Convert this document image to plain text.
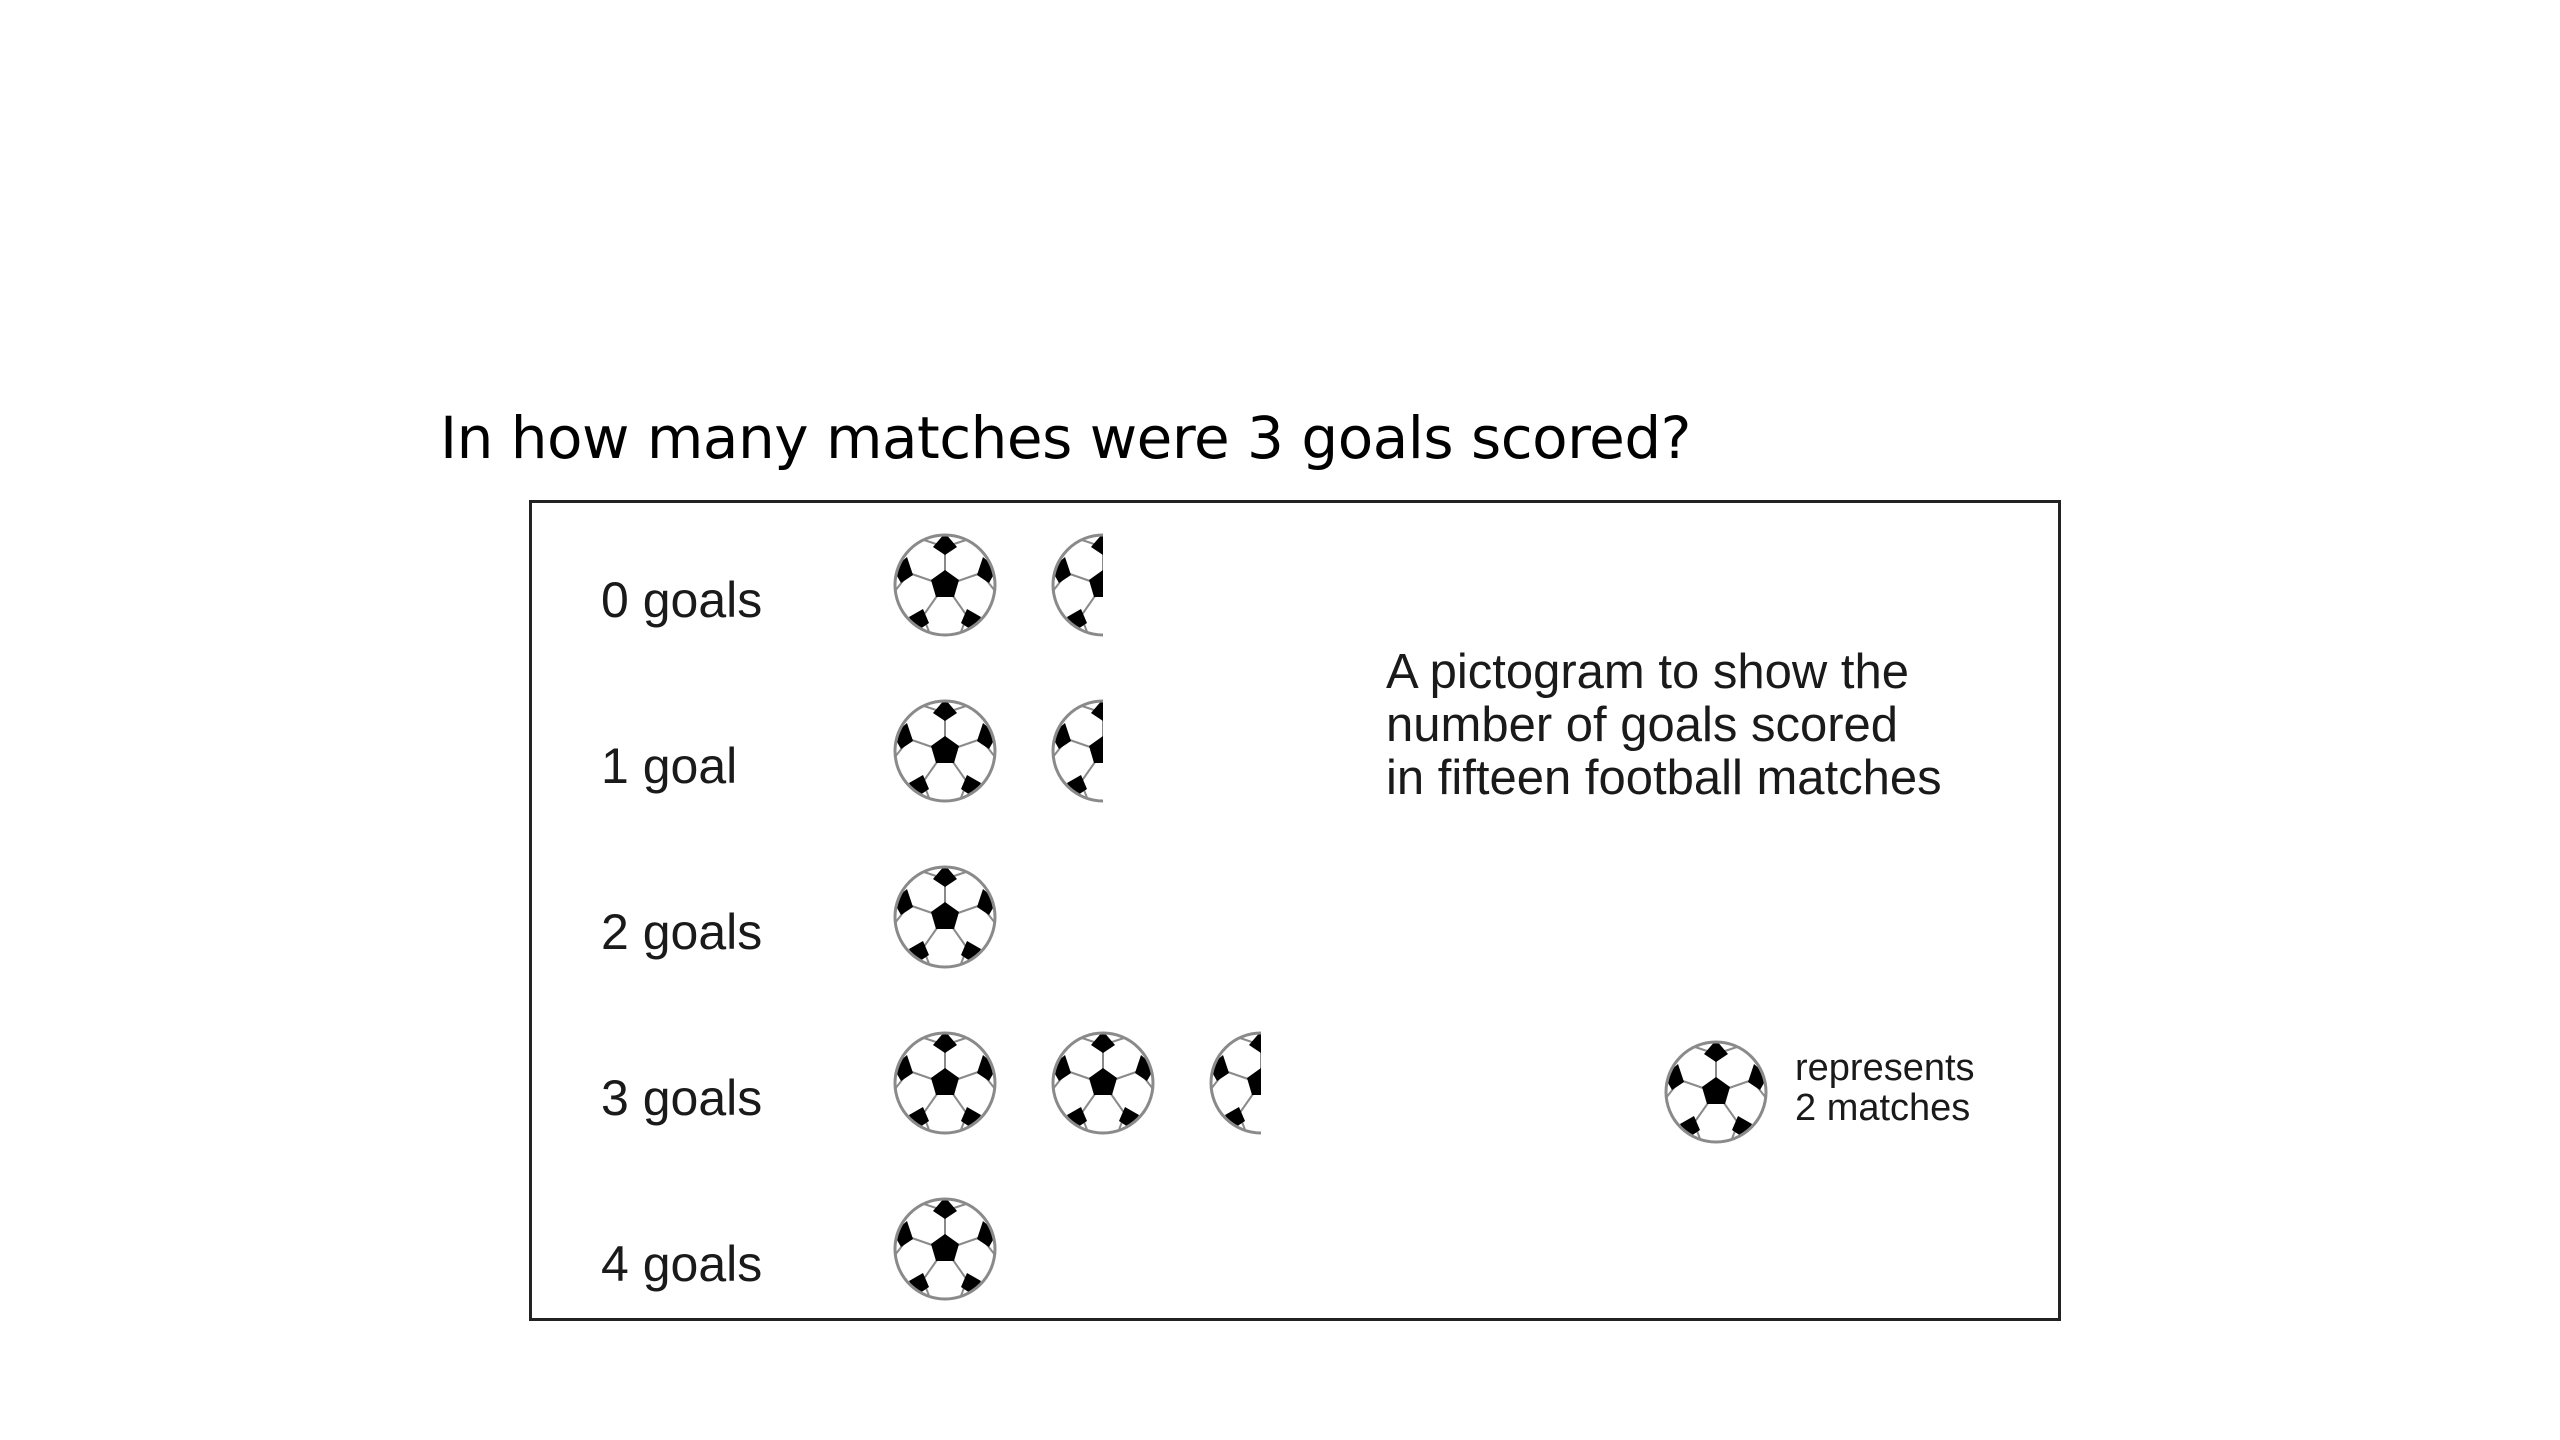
In how many matches were 3 goals scored?
0 goals
1 goal
2 goals
3 goals
4 goals
A pictogram to show the
number of goals scored
in fifteen football matches
represents
2 matches
